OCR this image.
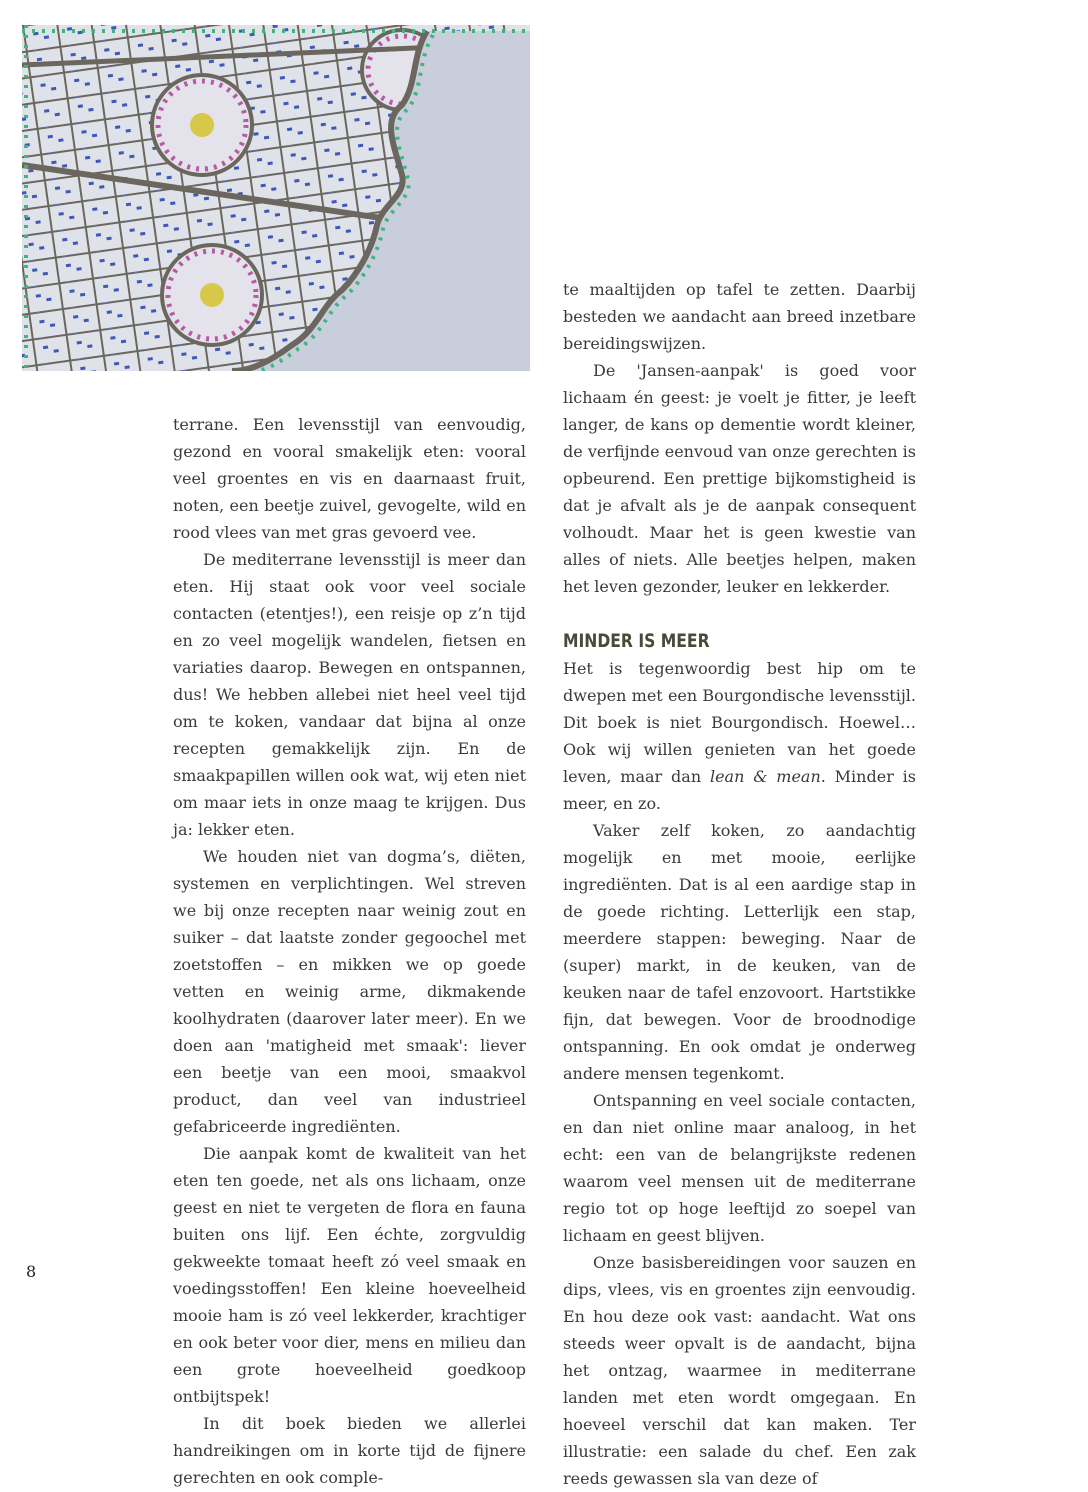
terrane. Een levensstijl van eenvoudig, gezond en vooral smakelijk eten: vooral veel groentes en vis en daarnaast fruit, noten, een beetje zuivel, gevogelte, wild en rood vlees van met gras gevoerd vee.

De mediterrane levensstijl is meer dan eten. Hij staat ook voor veel sociale contacten (etentjes!), een reisje op z’n tijd en zo veel mogelijk wandelen, fietsen en variaties daarop. Bewegen en ontspannen, dus! We hebben allebei niet heel veel tijd om te koken, vandaar dat bijna al onze recepten gemakkelijk zijn. En de smaakpapillen willen ook wat, wij eten niet om maar iets in onze maag te krijgen. Dus ja: lekker eten.

We houden niet van dogma’s, diëten, systemen en verplichtingen. Wel streven we bij onze recepten naar weinig zout en suiker – dat laatste zonder gegoochel met zoetstoffen – en mikken we op goede vetten en weinig arme, dikmakende koolhydraten (daarover later meer). En we doen aan 'matigheid met smaak': liever een beetje van een mooi, smaakvol product, dan veel van industrieel gefabriceerde ingrediënten.

Die aanpak komt de kwaliteit van het eten ten goede, net als ons lichaam, onze geest en niet te vergeten de flora en fauna buiten ons lijf. Een échte, zorgvuldig gekweekte tomaat heeft zó veel smaak en voedingsstoffen! Een kleine hoeveelheid mooie ham is zó veel lekkerder, krachtiger en ook beter voor dier, mens en milieu dan een grote hoeveelheid goedkoop ontbijtspek!

In dit boek bieden we allerlei handreikingen om in korte tijd de fijnere gerechten en ook comple-

te maaltijden op tafel te zetten. Daarbij besteden we aandacht aan breed inzetbare bereidingswijzen.

De 'Jansen-aanpak' is goed voor lichaam én geest: je voelt je fitter, je leeft langer, de kans op dementie wordt kleiner, de verfijnde eenvoud van onze gerechten is opbeurend. Een prettige bijkomstigheid is dat je afvalt als je de aanpak consequent volhoudt. Maar het is geen kwestie van alles of niets. Alle beetjes helpen, maken het leven gezonder, leuker en lekkerder.

MINDER IS MEER

Het is tegenwoordig best hip om te dwepen met een Bourgondische levensstijl. Dit boek is niet Bourgondisch. Hoewel… Ook wij willen genieten van het goede leven, maar dan lean & mean. Minder is meer, en zo.

Vaker zelf koken, zo aandachtig mogelijk en met mooie, eerlijke ingrediënten. Dat is al een aardige stap in de goede richting. Letterlijk een stap, meerdere stappen: beweging. Naar de (super) markt, in de keuken, van de keuken naar de tafel enzovoort. Hartstikke fijn, dat bewegen. Voor de broodnodige ontspanning. En ook omdat je onderweg andere mensen tegenkomt.

Ontspanning en veel sociale contacten, en dan niet online maar analoog, in het echt: een van de belangrijkste redenen waarom veel mensen uit de mediterrane regio tot op hoge leeftijd zo soepel van lichaam en geest blijven.

Onze basisbereidingen voor sauzen en dips, vlees, vis en groentes zijn eenvoudig. En hou deze ook vast: aandacht. Wat ons steeds weer opvalt is de aandacht, bijna het ontzag, waarmee in mediterrane landen met eten wordt omgegaan. En hoeveel verschil dat kan maken. Ter illustratie: een salade du chef. Een zak reeds gewassen sla van deze of

8
